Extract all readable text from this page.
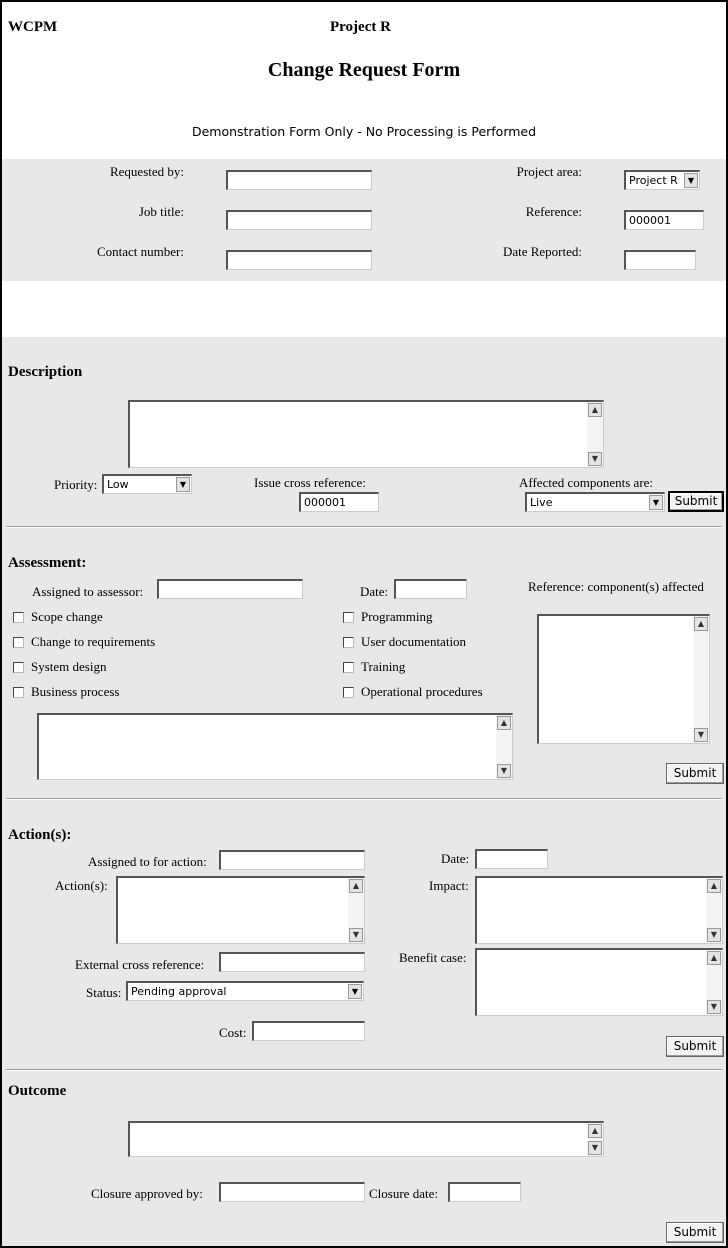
WCPM	Project R
Change Request Form
Demonstration Form Only - No Processing is Performed
Requested by:
Job title:
Contact number:
Project area:
Project R	▼
Reference:
000001
Date Reported:
Description
▲
▼
Priority: Low	▼	Issue cross reference:
000001
Affected components are:
Live	▼	Submit
Assessment:
Assigned to assessor:	Date:	Reference: component(s) affected
Scope change
Change to requirements
System design
Business process
Programming
User documentation
Training
Operational procedures
▲
▼
▲
▼	Submit
Action(s):
Assigned to for action:
Action(s):	▲
▼
External cross reference:
Status: Pending approval	▼
Cost:
Date:
Impact:	▲
▼
Benefit case:	▲
▼
Submit
Outcome
▲
▼
Closure approved by:	Closure date:
Submit
